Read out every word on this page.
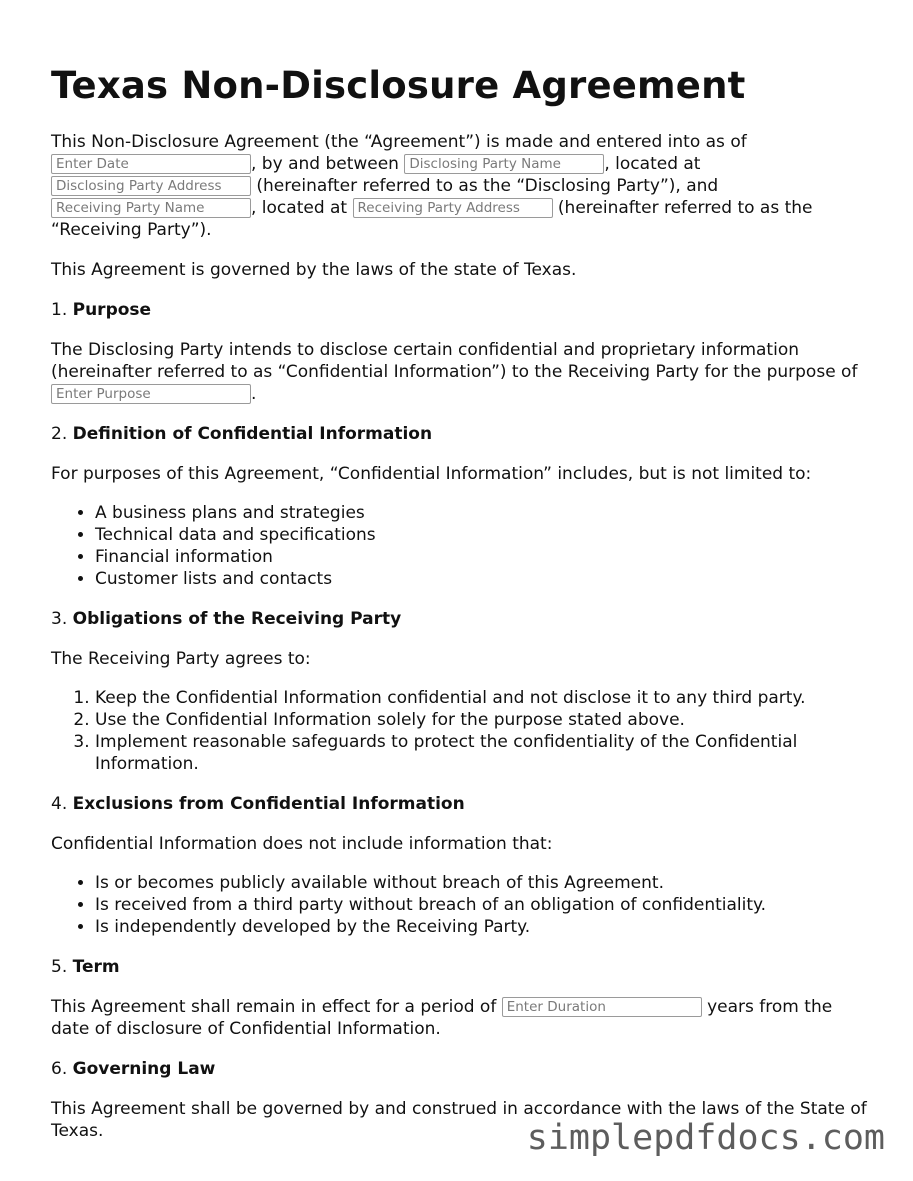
Texas Non-Disclosure Agreement

This Non-Disclosure Agreement (the “Agreement”) is made and entered into as of
Enter Date, by and between Disclosing Party Name	, located at
Disclosing Party Address (hereinafter referred to as the “Disclosing Party”), and
Receiving Party Name, located at Receiving Party Address	(hereinafter referred to as the “Receiving Party”).

This Agreement is governed by the laws of the state of Texas.

1. Purpose

The Disclosing Party intends to disclose certain confidential and proprietary information (hereinafter referred to as “Confidential Information”) to the Receiving Party for the purpose of Enter Purpose.

2. Definition of Confidential Information

For purposes of this Agreement, “Confidential Information” includes, but is not limited to:

• A business plans and strategies
• Technical data and specifications
• Financial information
• Customer lists and contacts

3. Obligations of the Receiving Party

The Receiving Party agrees to:

1. Keep the Confidential Information confidential and not disclose it to any third party.
2. Use the Confidential Information solely for the purpose stated above.
3. Implement reasonable safeguards to protect the confidentiality of the Confidential Information.

4. Exclusions from Confidential Information

Confidential Information does not include information that:

• Is or becomes publicly available without breach of this Agreement.
• Is received from a third party without breach of an obligation of confidentiality.
• Is independently developed by the Receiving Party.

5. Term

This Agreement shall remain in effect for a period of Enter Duration	years from the date of disclosure of Confidential Information.

6. Governing Law

This Agreement shall be governed by and construed in accordance with the laws of the State of Texas.	simplepdfdocs.com
